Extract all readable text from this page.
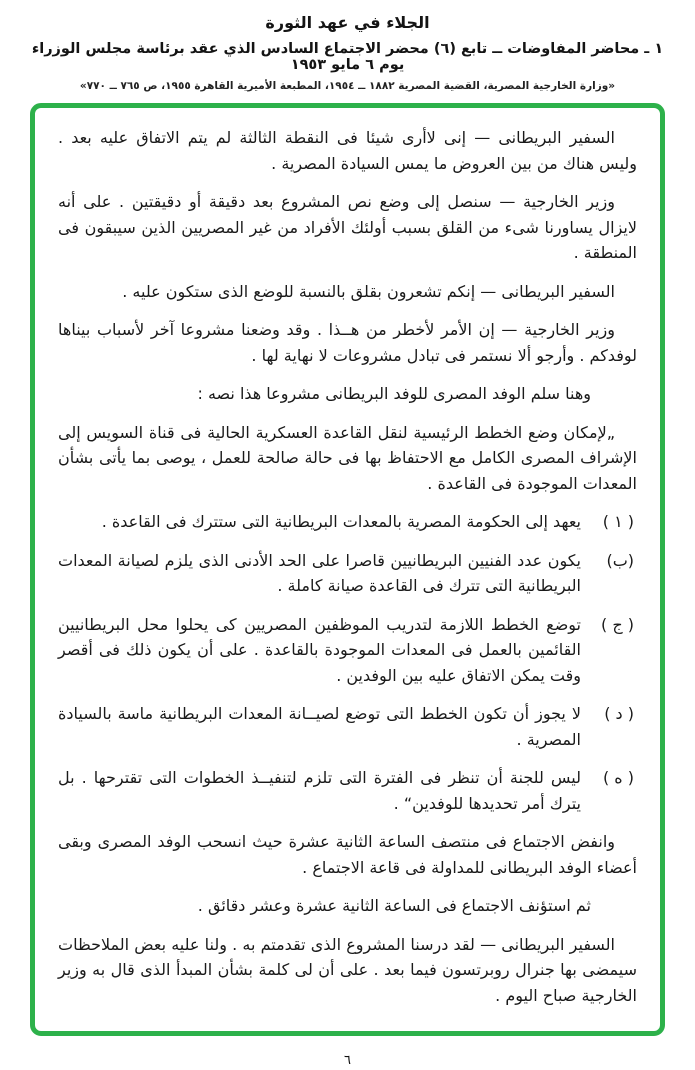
الجلاء في عهد الثورة
١ ـ محاضر المفاوضات ــ تابع (٦) محضر الاجتماع السادس الذي عقد برئاسة مجلس الوزراء يوم ٦ مايو ١٩٥٣
«وزارة الخارجية المصرية، القضية المصرية ١٨٨٢ ــ ١٩٥٤، المطبعة الأميرية القاهرة ١٩٥٥، ص ٧٦٥ ــ ٧٧٠»
السفير البريطانى — إنى لاأرى شيئا فى النقطة الثالثة لم يتم الاتفاق عليه بعد . وليس هناك من بين العروض ما يمس السيادة المصرية .
وزير الخارجية — سنصل إلى وضع نص المشروع بعد دقيقة أو دقيقتين . على أنه لايزال يساورنا شىء من القلق بسبب أولئك الأفراد من غير المصريين الذين سيبقون فى المنطقة .
السفير البريطانى — إنكم تشعرون بقلق بالنسبة للوضع الذى ستكون عليه .
وزير الخارجية — إن الأمر لأخطر من هــذا . وقد وضعنا مشروعا آخر لأسباب بيناها لوفدكم . وأرجو ألا نستمر فى تبادل مشروعات لا نهاية لها .
وهنا سلم الوفد المصرى للوفد البريطانى مشروعا هذا نصه :
„لإمكان وضع الخطط الرئيسية لنقل القاعدة العسكرية الحالية فى قناة السويس إلى الإشراف المصرى الكامل مع الاحتفاظ بها فى حالة صالحة للعمل ، يوصى بما يأتى بشأن المعدات الموجودة فى القاعدة .
( ١ )
يعهد إلى الحكومة المصرية بالمعدات البريطانية التى ستترك فى القاعدة .
(ب)
يكون عدد الفنيين البريطانيين قاصرا على الحد الأدنى الذى يلزم لصيانة المعدات البريطانية التى تترك فى القاعدة صيانة كاملة .
( ج )
توضع الخطط اللازمة لتدريب الموظفين المصريين كى يحلوا محل البريطانيين القائمين بالعمل فى المعدات الموجودة بالقاعدة . على أن يكون ذلك فى أقصر وقت يمكن الاتفاق عليه بين الوفدين .
( د )
لا يجوز أن تكون الخطط التى توضع لصيــانة المعدات البريطانية ماسة بالسيادة المصرية .
( ه )
ليس للجنة أن تنظر فى الفترة التى تلزم لتنفيــذ الخطوات التى تقترحها . بل يترك أمر تحديدها للوفدين“ .
وانفض الاجتماع فى منتصف الساعة الثانية عشرة حيث انسحب الوفد المصرى وبقى أعضاء الوفد البريطانى للمداولة فى قاعة الاجتماع .
ثم استؤنف الاجتماع فى الساعة الثانية عشرة وعشر دقائق .
السفير البريطانى — لقد درسنا المشروع الذى تقدمتم به . ولنا عليه بعض الملاحظات سيمضى بها جنرال روبرتسون فيما بعد . على أن لى كلمة بشأن المبدأ الذى قال به وزير الخارجية صباح اليوم .
٦
